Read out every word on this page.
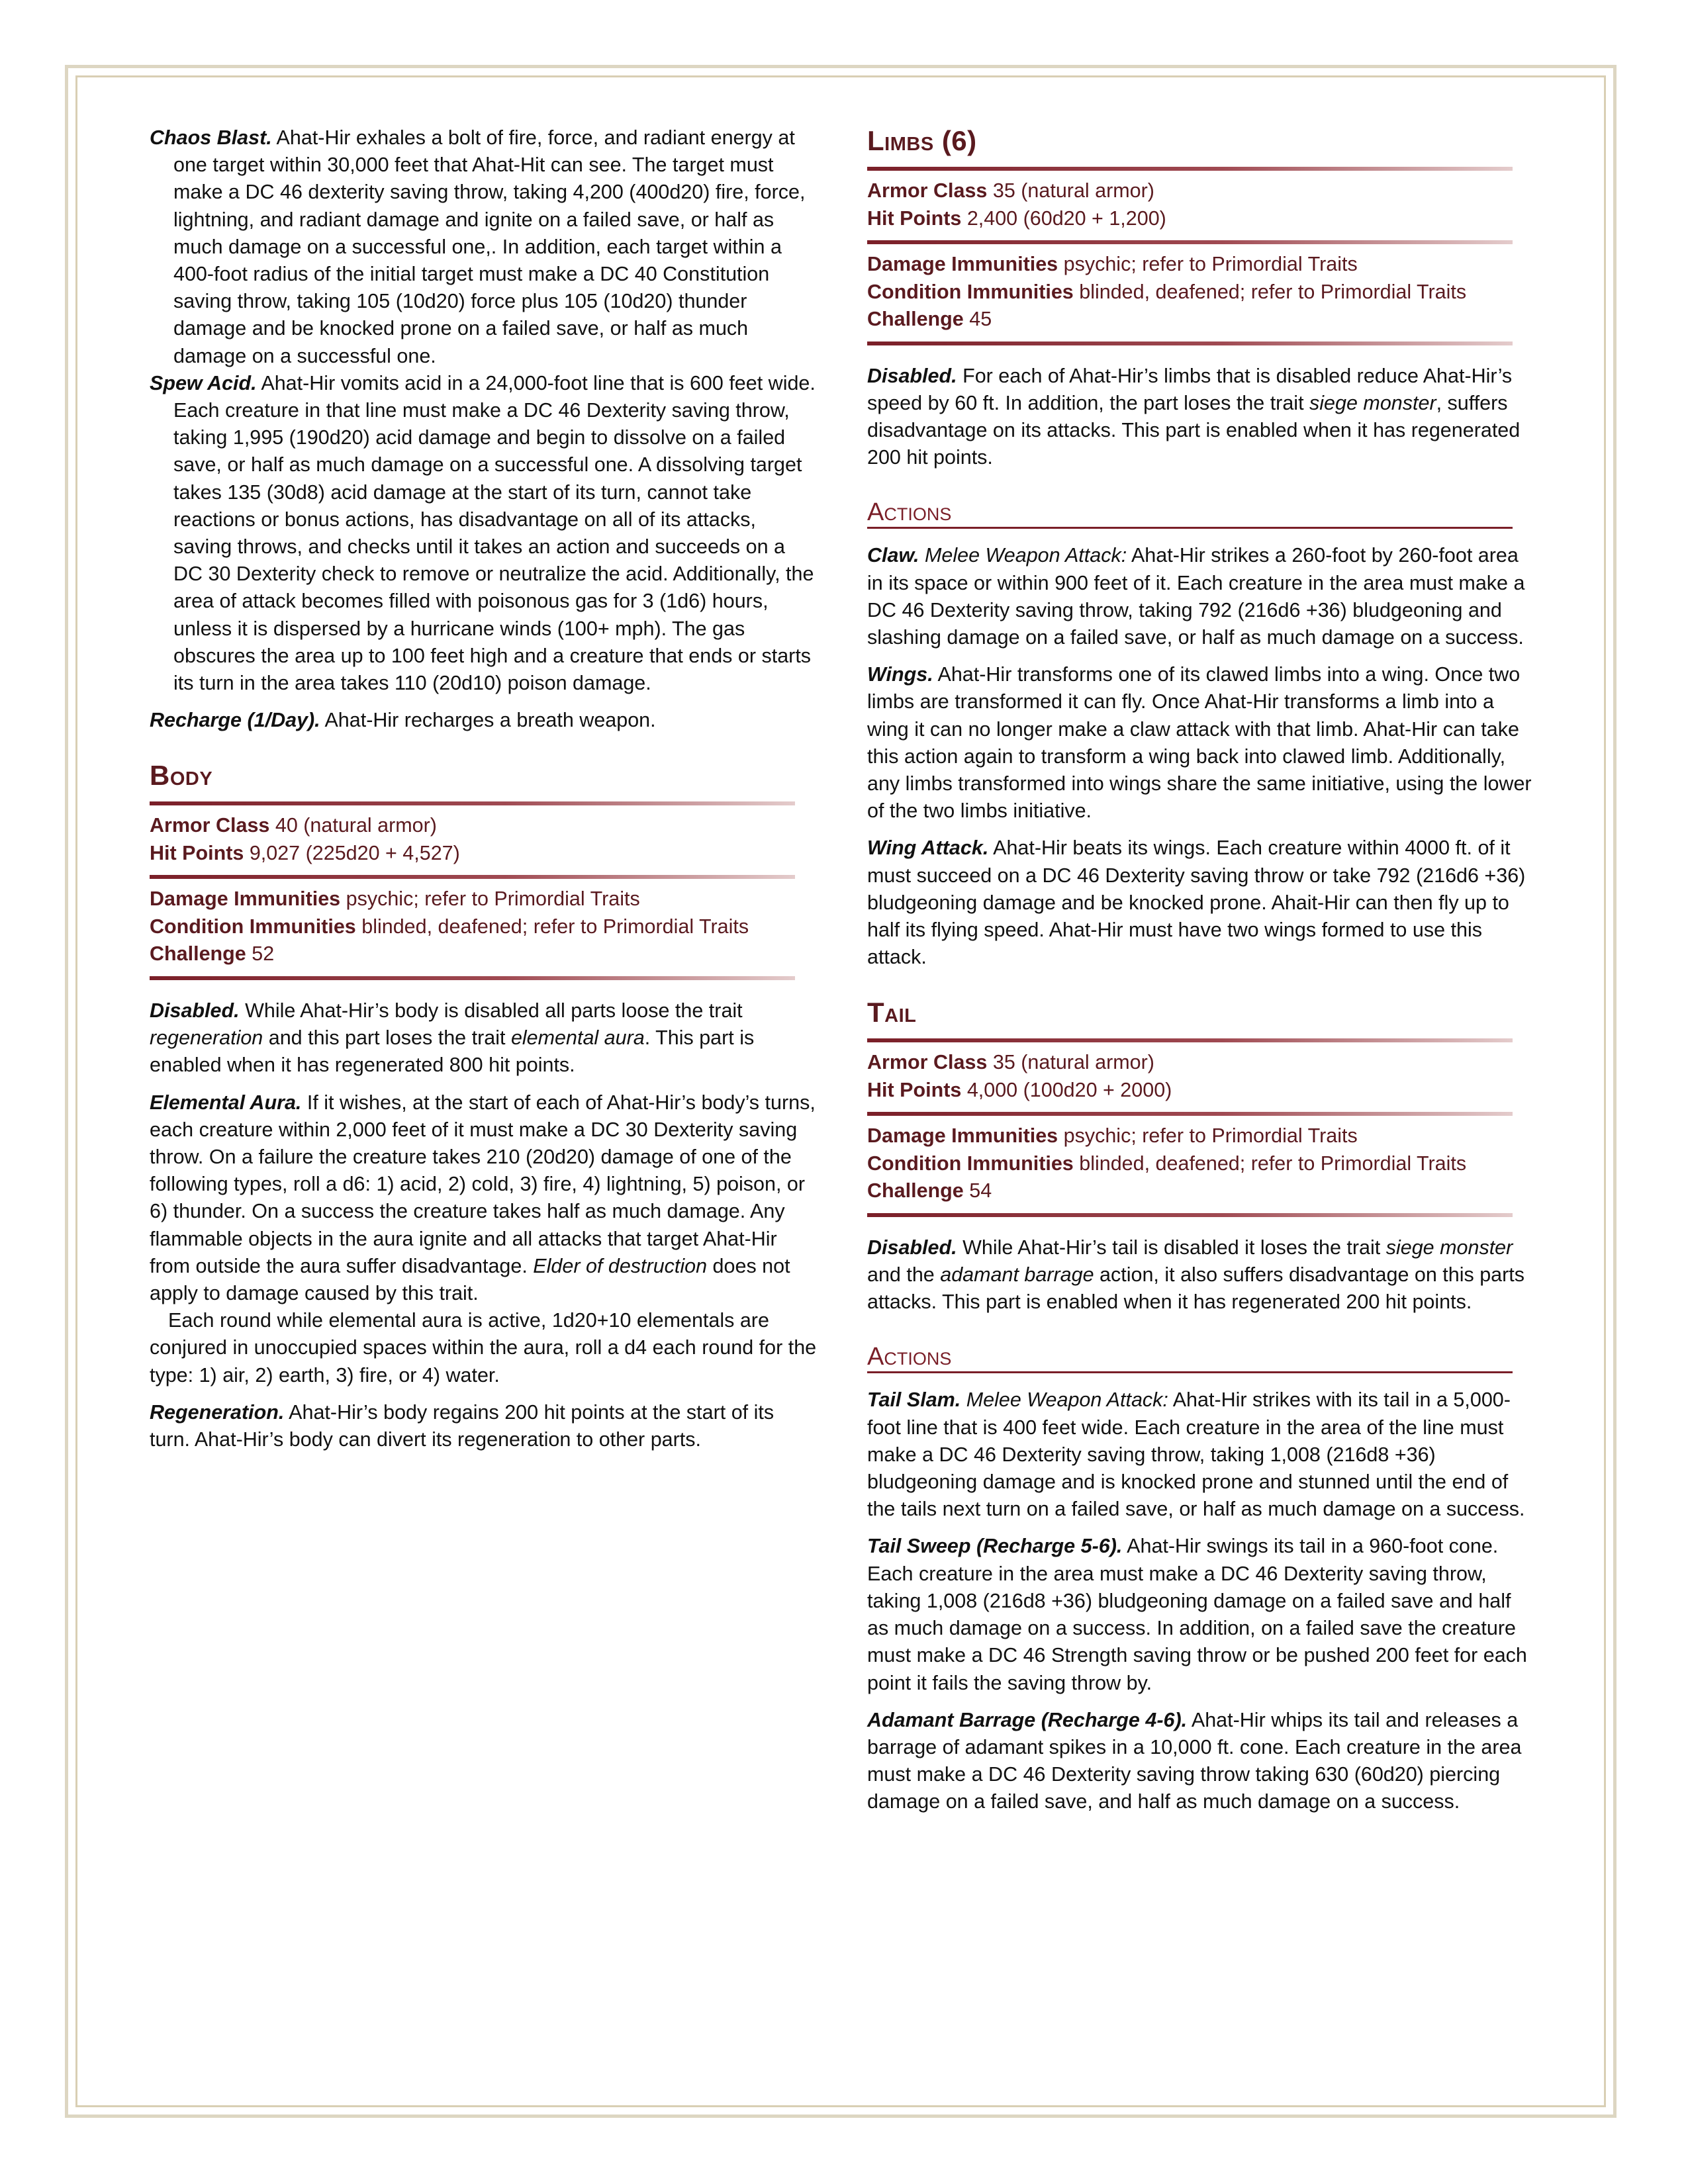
Chaos Blast. Ahat-Hir exhales a bolt of fire, force, and radiant energy at one target within 30,000 feet that Ahat-Hit can see. The target must make a DC 46 dexterity saving throw, taking 4,200 (400d20) fire, force, lightning, and radiant damage and ignite on a failed save, or half as much damage on a successful one,. In addition, each target within a 400-foot radius of the initial target must make a DC 40 Constitution saving throw, taking 105 (10d20) force plus 105 (10d20) thunder damage and be knocked prone on a failed save, or half as much damage on a successful one.

Spew Acid. Ahat-Hir vomits acid in a 24,000-foot line that is 600 feet wide. Each creature in that line must make a DC 46 Dexterity saving throw, taking 1,995 (190d20) acid damage and begin to dissolve on a failed save, or half as much damage on a successful one. A dissolving target takes 135 (30d8) acid damage at the start of its turn, cannot take reactions or bonus actions, has disadvantage on all of its attacks, saving throws, and checks until it takes an action and succeeds on a DC 30 Dexterity check to remove or neutralize the acid. Additionally, the area of attack becomes filled with poisonous gas for 3 (1d6) hours, unless it is dispersed by a hurricane winds (100+ mph). The gas obscures the area up to 100 feet high and a creature that ends or starts its turn in the area takes 110 (20d10) poison damage.

Recharge (1/Day). Ahat-Hir recharges a breath weapon.

Body

Armor Class 40 (natural armor)

Hit Points 9,027 (225d20 + 4,527)

Damage Immunities psychic; refer to Primordial Traits

Condition Immunities blinded, deafened; refer to Primordial Traits

Challenge 52

Disabled. While Ahat-Hir’s body is disabled all parts loose the trait regeneration and this part loses the trait elemental aura. This part is enabled when it has regenerated 800 hit points.

Elemental Aura. If it wishes, at the start of each of Ahat-Hir’s body’s turns, each creature within 2,000 feet of it must make a DC 30 Dexterity saving throw. On a failure the creature takes 210 (20d20) damage of one of the following types, roll a d6: 1) acid, 2) cold, 3) fire, 4) lightning, 5) poison, or 6) thunder. On a success the creature takes half as much damage. Any flammable objects in the aura ignite and all attacks that target Ahat-Hir from outside the aura suffer disadvantage. Elder of destruction does not apply to damage caused by this trait.

Each round while elemental aura is active, 1d20+10 elementals are conjured in unoccupied spaces within the aura, roll a d4 each round for the type: 1) air, 2) earth, 3) fire, or 4) water.

Regeneration. Ahat-Hir’s body regains 200 hit points at the start of its turn. Ahat-Hir’s body can divert its regeneration to other parts.

Limbs (6)

Armor Class 35 (natural armor)

Hit Points 2,400 (60d20 + 1,200)

Damage Immunities psychic; refer to Primordial Traits

Condition Immunities blinded, deafened; refer to Primordial Traits

Challenge 45

Disabled. For each of Ahat-Hir’s limbs that is disabled reduce Ahat-Hir’s speed by 60 ft. In addition, the part loses the trait siege monster, suffers disadvantage on its attacks. This part is enabled when it has regenerated 200 hit points.

Actions

Claw. Melee Weapon Attack: Ahat-Hir strikes a 260-foot by 260-foot area in its space or within 900 feet of it. Each creature in the area must make a DC 46 Dexterity saving throw, taking 792 (216d6 +36) bludgeoning and slashing damage on a failed save, or half as much damage on a success.

Wings. Ahat-Hir transforms one of its clawed limbs into a wing. Once two limbs are transformed it can fly. Once Ahat-Hir transforms a limb into a wing it can no longer make a claw attack with that limb. Ahat-Hir can take this action again to transform a wing back into clawed limb. Additionally, any limbs transformed into wings share the same initiative, using the lower of the two limbs initiative.

Wing Attack. Ahat-Hir beats its wings. Each creature within 4000 ft. of it must succeed on a DC 46 Dexterity saving throw or take 792 (216d6 +36) bludgeoning damage and be knocked prone. Ahait-Hir can then fly up to half its flying speed. Ahat-Hir must have two wings formed to use this attack.

Tail

Armor Class 35 (natural armor)

Hit Points 4,000 (100d20 + 2000)

Damage Immunities psychic; refer to Primordial Traits

Condition Immunities blinded, deafened; refer to Primordial Traits

Challenge 54

Disabled. While Ahat-Hir’s tail is disabled it loses the trait siege monster and the adamant barrage action, it also suffers disadvantage on this parts attacks. This part is enabled when it has regenerated 200 hit points.

Actions

Tail Slam. Melee Weapon Attack: Ahat-Hir strikes with its tail in a 5,000-foot line that is 400 feet wide. Each creature in the area of the line must make a DC 46 Dexterity saving throw, taking 1,008 (216d8 +36) bludgeoning damage and is knocked prone and stunned until the end of the tails next turn on a failed save, or half as much damage on a success.

Tail Sweep (Recharge 5-6). Ahat-Hir swings its tail in a 960-foot cone. Each creature in the area must make a DC 46 Dexterity saving throw, taking 1,008 (216d8 +36) bludgeoning damage on a failed save and half as much damage on a success. In addition, on a failed save the creature must make a DC 46 Strength saving throw or be pushed 200 feet for each point it fails the saving throw by.

Adamant Barrage (Recharge 4-6). Ahat-Hir whips its tail and releases a barrage of adamant spikes in a 10,000 ft. cone. Each creature in the area must make a DC 46 Dexterity saving throw taking 630 (60d20) piercing damage on a failed save, and half as much damage on a success.
